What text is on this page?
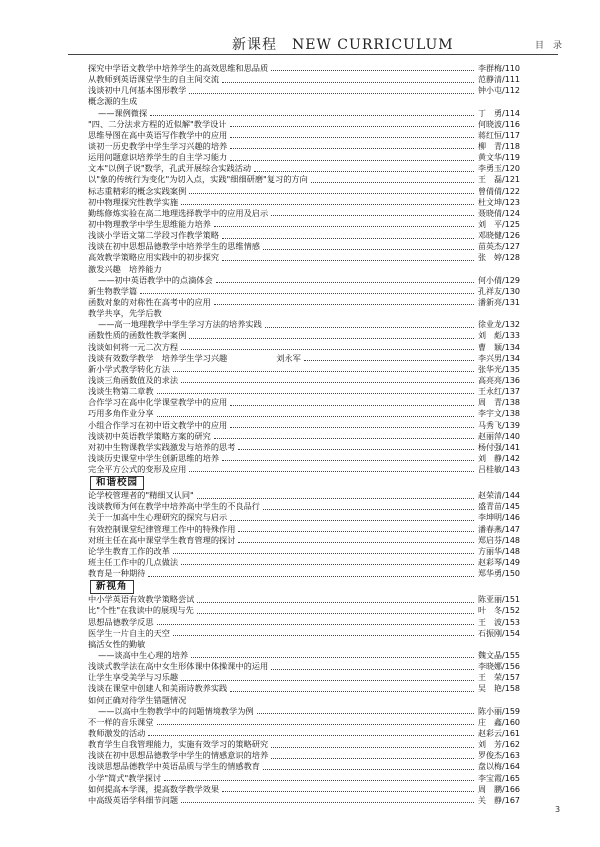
新课程　NEW CURRICULUM	目　录
探究中学语文教学中培养学生的高效思维和思品质	李群梅/110
从教师到英语课堂学生的自主间交流	范静清/111
浅谈初中几何基本图形教学	钟小屯/112
概念源的生成
——课例微探	丁　勇/114
"四、二分法求方程的近似解"教学设计	何晓波/116
思维导图在高中英语写作教学中的应用	蒋红恒/117
谈初一历史教学中学生学习兴趣的培养	柳　青/118
运用问题意识培养学生的自主学习能力	黄文华/119
文本"以例子说"数学，孔武开展综合实践活动	李勇玉/120
以"象的传统行为变化"为切入点，实践"细细研磨"复习的方向	王　磊/121
标志重精彩的概念实践案例	曾倩倩/122
初中物理探究性教学实施	杜文坤/123
勤练修炼实验在高二地理选择教学中的应用及启示	聂晓倩/124
初中物理教学中学生思维能力培养	刘　平/125
浅谈小学语文第二学段习作教学策略	邓晓健/126
浅谈在初中思想品德教学中培养学生的思维情感	苗英杰/127
高效教学策略应用实践中的初步探究	张　婷/128
激发兴趣　培养能力
——初中英语教学中的点滴体会	何小倩/129
新生物教学篇	孔祥友/130
函数对象的对称性在高考中的应用	潘新亮/131
教学共享，先学后教
——高一地理教学中学生学习方法的培养实践	徐业龙/132
函数性质的函数性教学案例	刘　彪/133
浅谈如何将一元二次方程	曹　颖/134
浅谈有效数学教学　培养学生学习兴趣　　　　　　刘永军	李兴男/134
新小学式教学转化方法	张华光/135
浅谈三角函数值及的求法	高亮亮/136
浅谈生物第二章教	王永红/137
合作学习在高中化学课堂教学中的应用	周　青/138
巧用多角作业分享	李宇文/138
小组合作学习在初中语文教学中的应用	马秀飞/139
浅谈初中英语教学策略方案的研究	赵丽萍/140
对初中生物课教学实践激发与培养的思考	杨付强/141
浅谈历史课堂中学生创新思维的培养	刘　静/142
完全平方公式的变形及应用	吕桂敏/143
和谐校园
论学校管理者的"精细又认同"	赵荣清/144
浅谈教师为何在教学中培养高中学生的不良品行	盛青苗/145
关于一加高中生心理研究的探究与启示	李坤明/146
有效控制课堂纪律管理工作中的特殊作用	潘春燕/147
对班主任在高中课堂学生教育管理的探讨	郑启芬/148
论学生教育工作的改革	方丽华/148
班主任工作中的几点做法	赵彩琴/149
教育是一种期待	郑华勇/150
新视角
中小学英语有效教学策略尝试	陈亚丽/151
比"个性"在我读中的展现与先	叶　冬/152
思想品德教学反思	王　波/153
医学生一片自主的天空	石振刚/154
搞活女性的勤敏
——谈高中生心理的培养	魏文晶/155
浅谈式教学法在高中女生形体课中体操课中的运用	李晓娜/156
让学生享受美学与习乐趣	王　荣/157
浅谈在课堂中创建人和美雨诗教养实践	吴　艳/158
如何正确对待学生错题情况
——以高中生物教学中的问题情境教学为例	陈小丽/159
不一样的音乐课堂	庄　鑫/160
教师激发的活动	赵彩云/161
教育学生自我管理能力，实施有效学习的策略研究	刘　芳/162
浅谈在初中思想品德教学中学生的情感意识的培养	罗俊杰/163
浅谈思想品德教学中英语品质与学生的情感教育	盘以梅/164
小学"简式"教学探讨	李宝霞/165
如何提高本学课，提高数学教学效果	周　鹏/166
中高级英语学科细节问题	关　静/167
3
